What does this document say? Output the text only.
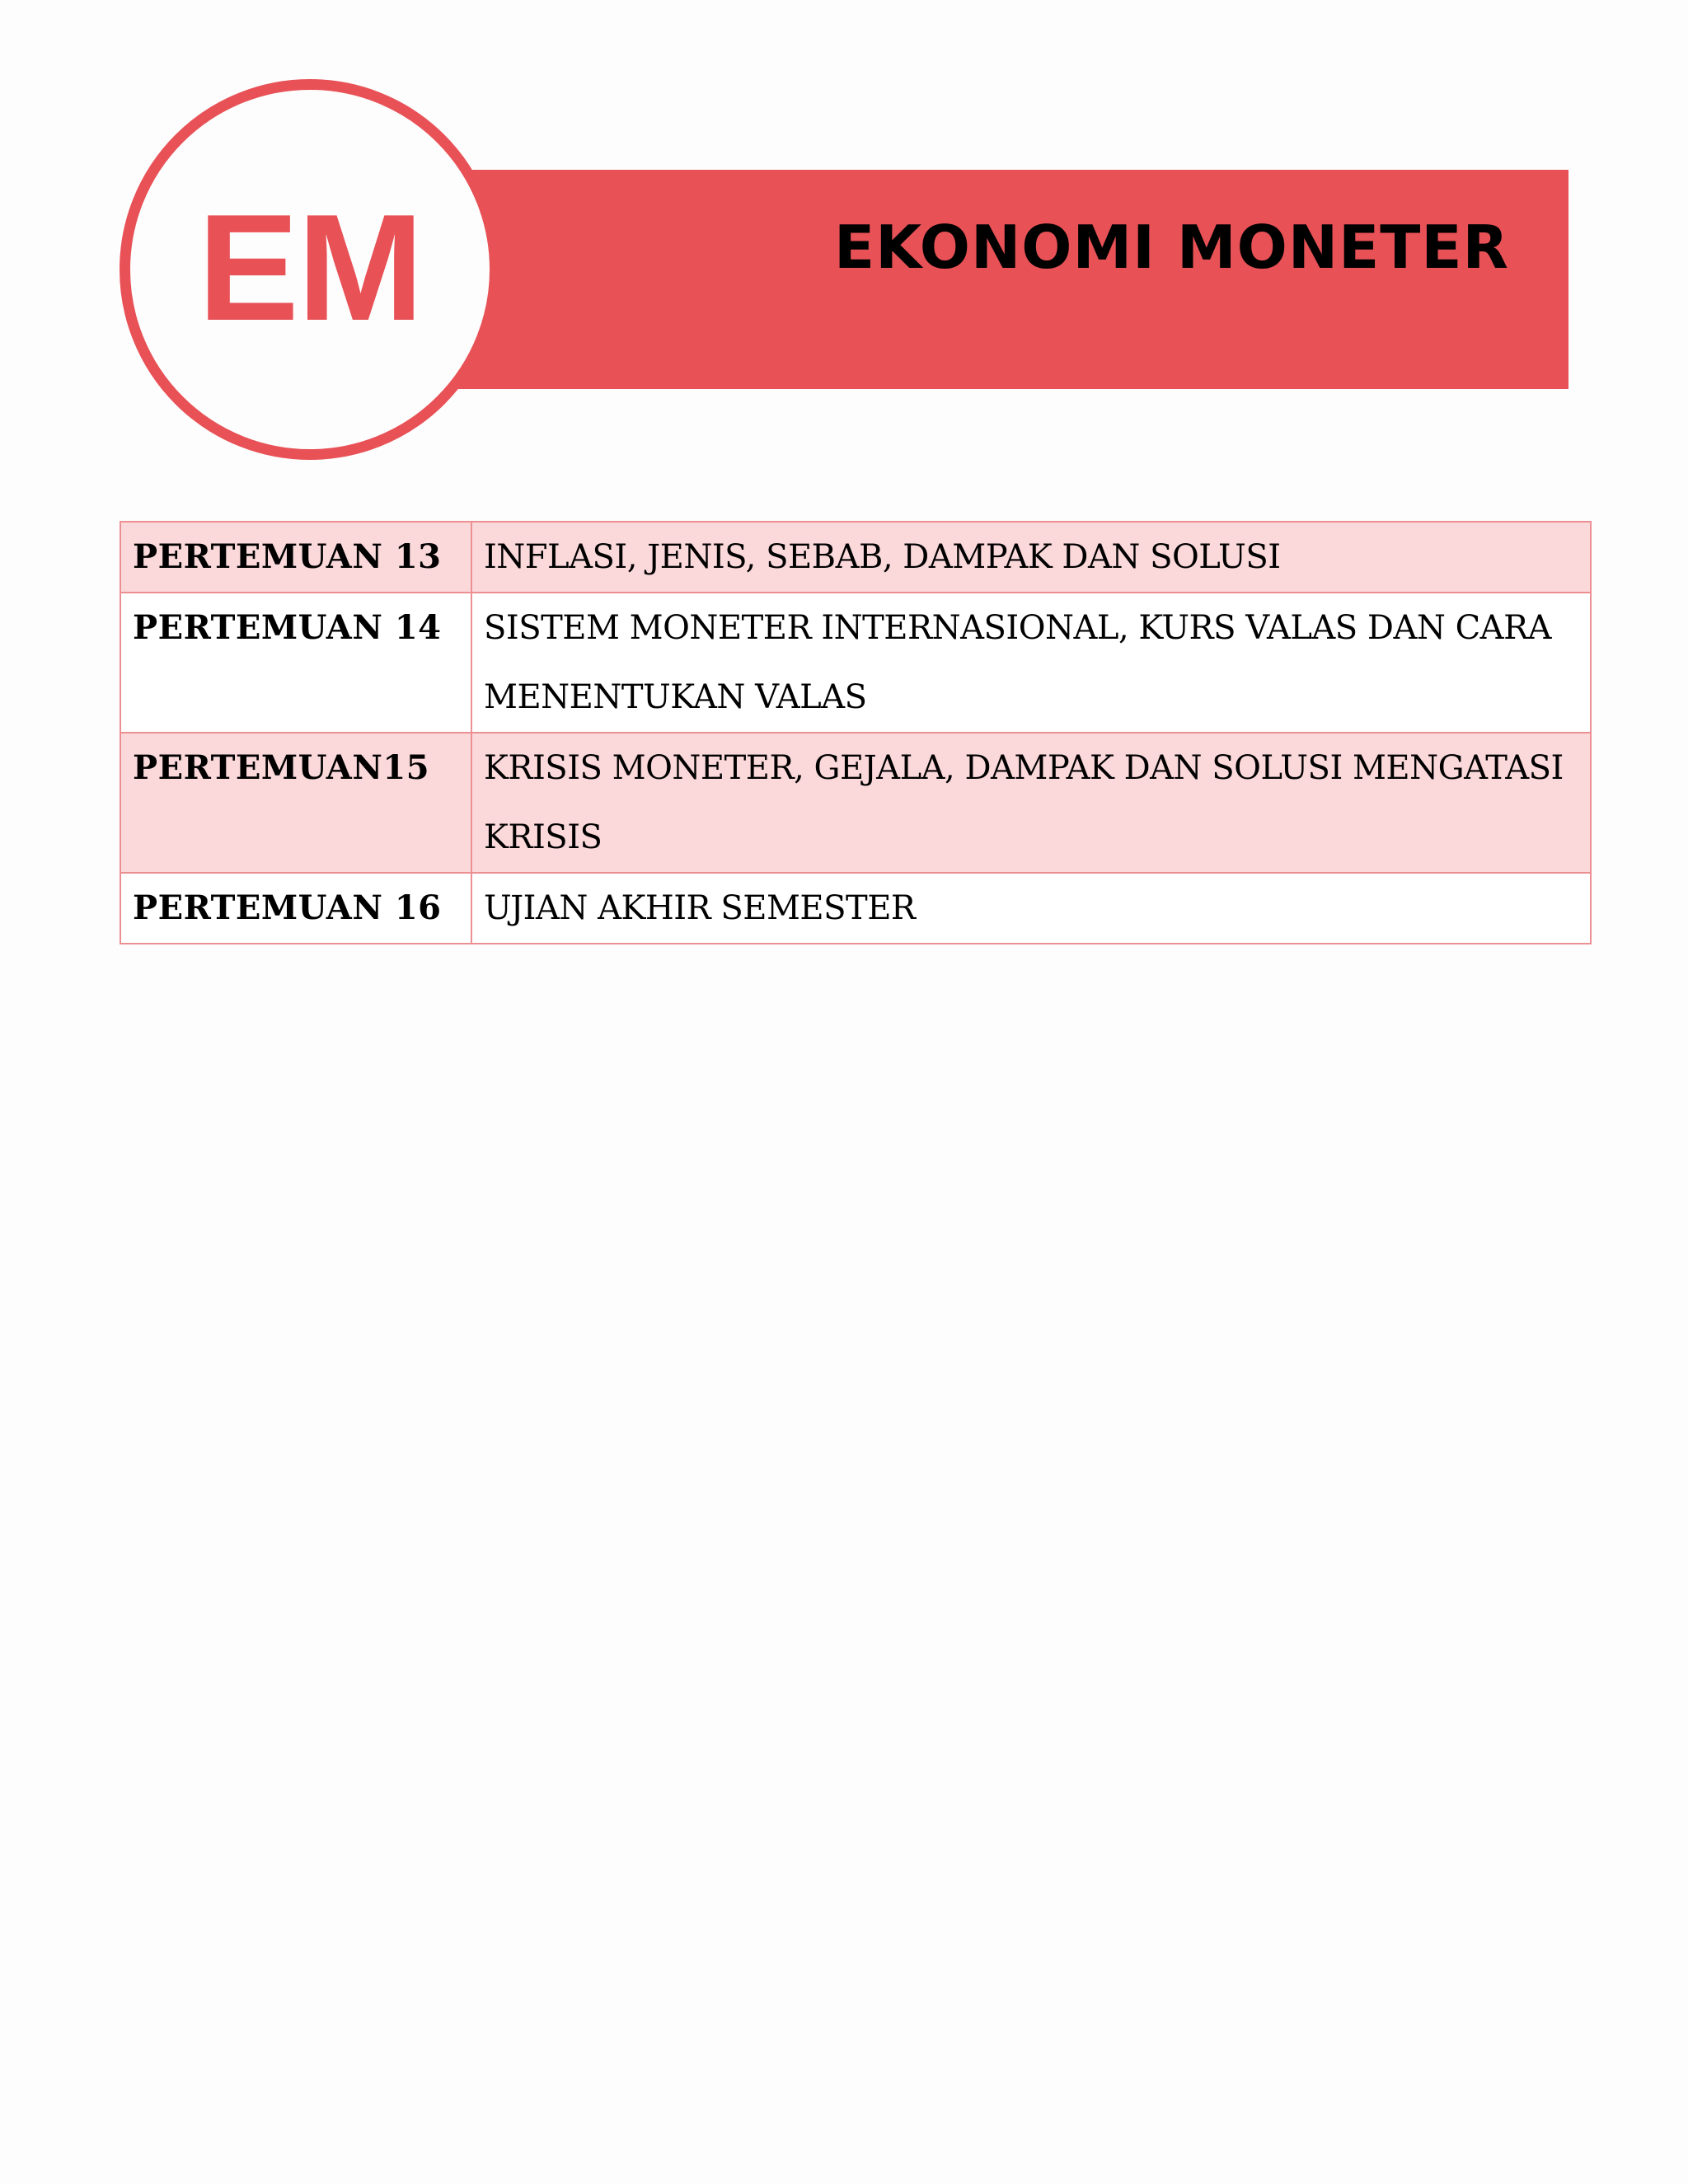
EKONOMI MONETER
EM
PERTEMUAN 13	INFLASI, JENIS, SEBAB, DAMPAK DAN SOLUSI
PERTEMUAN 14	SISTEM MONETER INTERNASIONAL, KURS VALAS DAN CARA MENENTUKAN VALAS
PERTEMUAN15	KRISIS MONETER, GEJALA, DAMPAK DAN SOLUSI MENGATASI KRISIS
PERTEMUAN 16	UJIAN AKHIR SEMESTER
